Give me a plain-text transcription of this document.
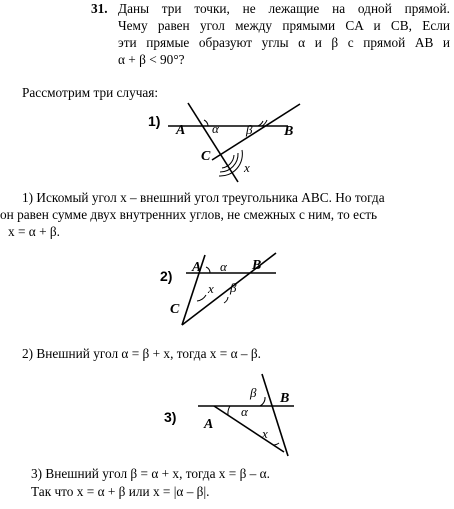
31. Даны три точки, не лежащие на одной прямой.
Чему равен угол между прямыми CA и CB, Если
эти прямые образуют углы α и β с прямой AB и
α + β < 90°?
Рассмотрим три случая:
1)
A	B
C
α β
x
1) Искомый угол x – внешний угол треугольника ABC. Но тогда
он равен сумме двух внутренних углов, не смежных с ним, то есть
x = α + β.
2)
A	B
C
α
β
x
2) Внешний угол α = β + x, тогда x = α – β.
3) A
B
α
β
x
3) Внешний угол β = α + x, тогда x = β – α.
Так что x = α + β или x = |α – β|.
